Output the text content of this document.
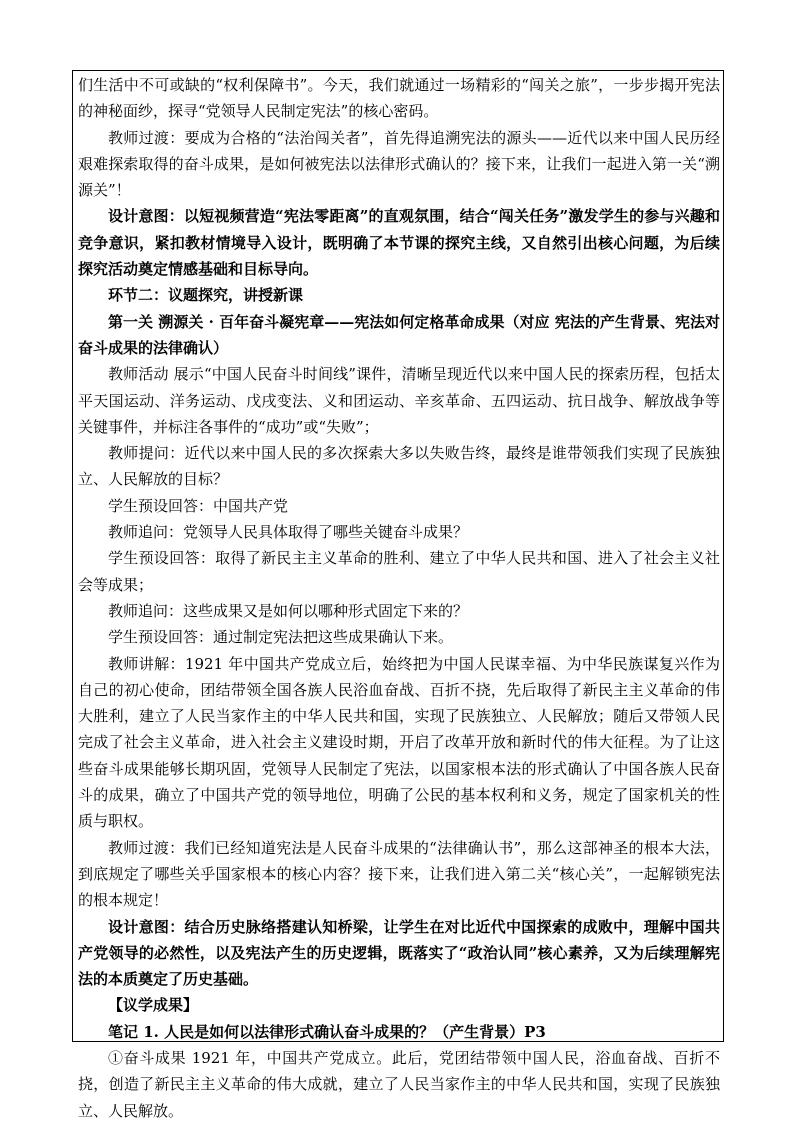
们生活中不可或缺的“权利保障书”。今天，我们就通过一场精彩的“闯关之旅”，一步步揭开宪法的神秘面纱，探寻“党领导人民制定宪法”的核心密码。

教师过渡：要成为合格的“法治闯关者”，首先得追溯宪法的源头——近代以来中国人民历经艰难探索取得的奋斗成果，是如何被宪法以法律形式确认的？接下来，让我们一起进入第一关“溯源关”！

设计意图：以短视频营造“宪法零距离”的直观氛围，结合“闯关任务”激发学生的参与兴趣和竞争意识，紧扣教材情境导入设计，既明确了本节课的探究主线，又自然引出核心问题，为后续探究活动奠定情感基础和目标导向。

环节二：议题探究，讲授新课

第一关 溯源关 · 百年奋斗凝宪章——宪法如何定格革命成果（对应 宪法的产生背景、宪法对奋斗成果的法律确认）

教师活动 展示“中国人民奋斗时间线”课件，清晰呈现近代以来中国人民的探索历程，包括太平天国运动、洋务运动、戊戌变法、义和团运动、辛亥革命、五四运动、抗日战争、解放战争等关键事件，并标注各事件的“成功”或“失败”；

教师提问：近代以来中国人民的多次探索大多以失败告终，最终是谁带领我们实现了民族独立、人民解放的目标？

学生预设回答：中国共产党

教师追问：党领导人民具体取得了哪些关键奋斗成果？

学生预设回答：取得了新民主主义革命的胜利、建立了中华人民共和国、进入了社会主义社会等成果；

教师追问：这些成果又是如何以哪种形式固定下来的？

学生预设回答：通过制定宪法把这些成果确认下来。

教师讲解：1921 年中国共产党成立后，始终把为中国人民谋幸福、为中华民族谋复兴作为自己的初心使命，团结带领全国各族人民浴血奋战、百折不挠，先后取得了新民主主义革命的伟大胜利，建立了人民当家作主的中华人民共和国，实现了民族独立、人民解放；随后又带领人民完成了社会主义革命，进入社会主义建设时期，开启了改革开放和新时代的伟大征程。为了让这些奋斗成果能够长期巩固，党领导人民制定了宪法，以国家根本法的形式确认了中国各族人民奋斗的成果，确立了中国共产党的领导地位，明确了公民的基本权利和义务，规定了国家机关的性质与职权。

教师过渡：我们已经知道宪法是人民奋斗成果的“法律确认书”，那么这部神圣的根本大法，到底规定了哪些关乎国家根本的核心内容？接下来，让我们进入第二关“核心关”，一起解锁宪法的根本规定！

设计意图：结合历史脉络搭建认知桥梁，让学生在对比近代中国探索的成败中，理解中国共产党领导的必然性，以及宪法产生的历史逻辑，既落实了“政治认同”核心素养，又为后续理解宪法的本质奠定了历史基础。

【议学成果】

笔记 1. 人民是如何以法律形式确认奋斗成果的？（产生背景）P3

①奋斗成果 1921 年，中国共产党成立。此后，党团结带领中国人民，浴血奋战、百折不挠，创造了新民主主义革命的伟大成就，建立了人民当家作主的中华人民共和国，实现了民族独立、人民解放。
